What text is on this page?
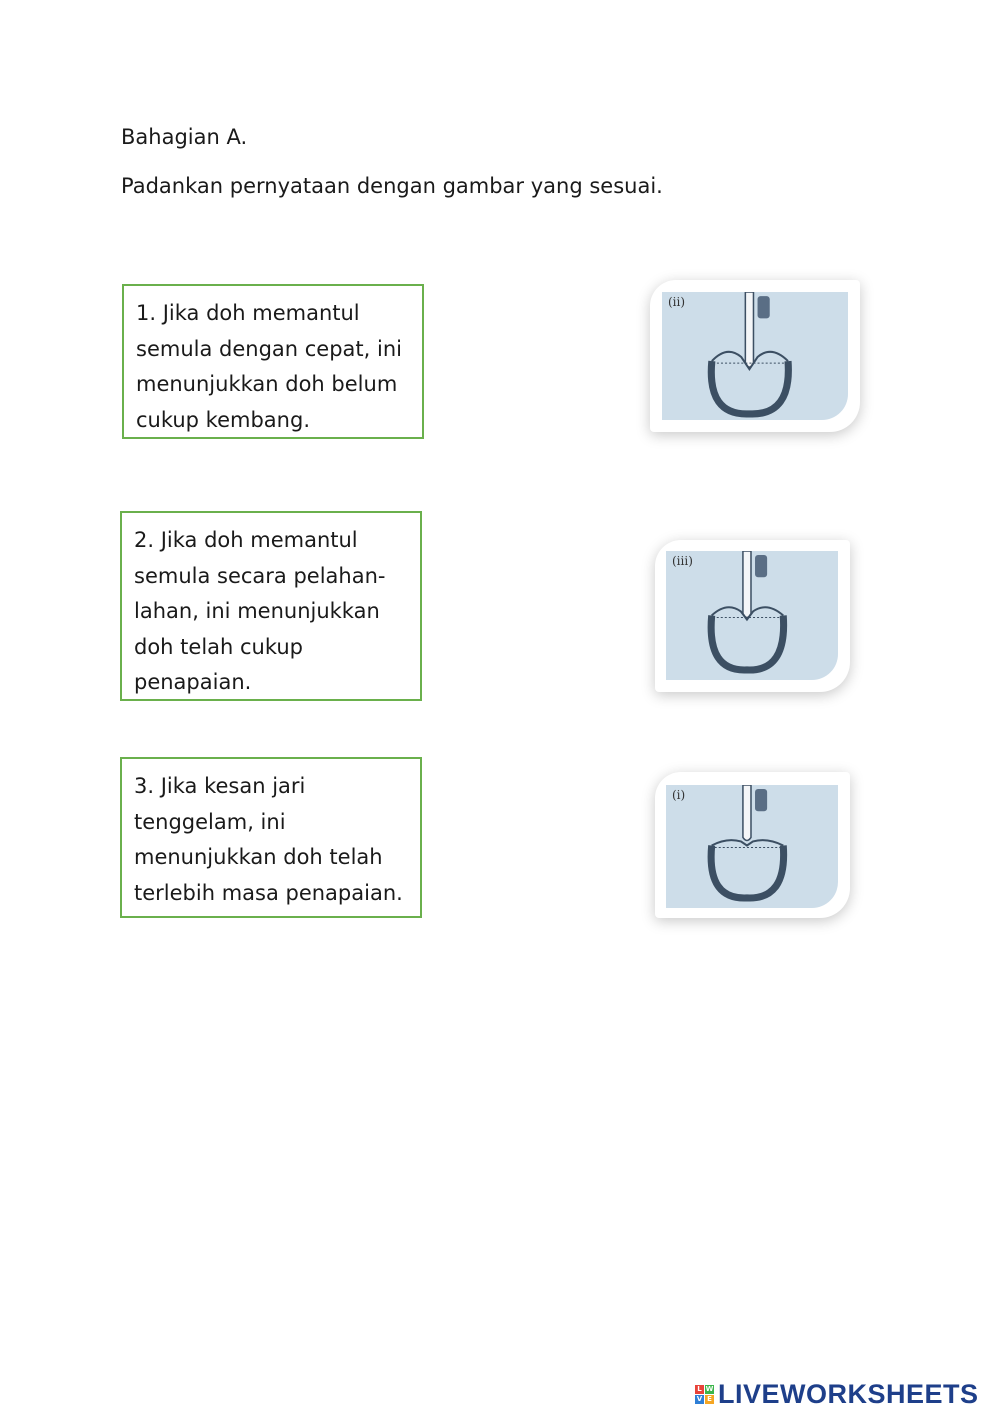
Bahagian A.
Padankan pernyataan dengan gambar yang sesuai.
1. Jika doh memantul
semula dengan cepat, ini
menunjukkan doh belum
cukup kembang.
2. Jika doh memantul
semula secara pelahan-
lahan, ini menunjukkan
doh telah cukup
penapaian.
3. Jika kesan jari
tenggelam, ini
menunjukkan doh telah
terlebih masa penapaian.
(ii)
(iii)
(i)
L W
V E LIVEWORKSHEETS
